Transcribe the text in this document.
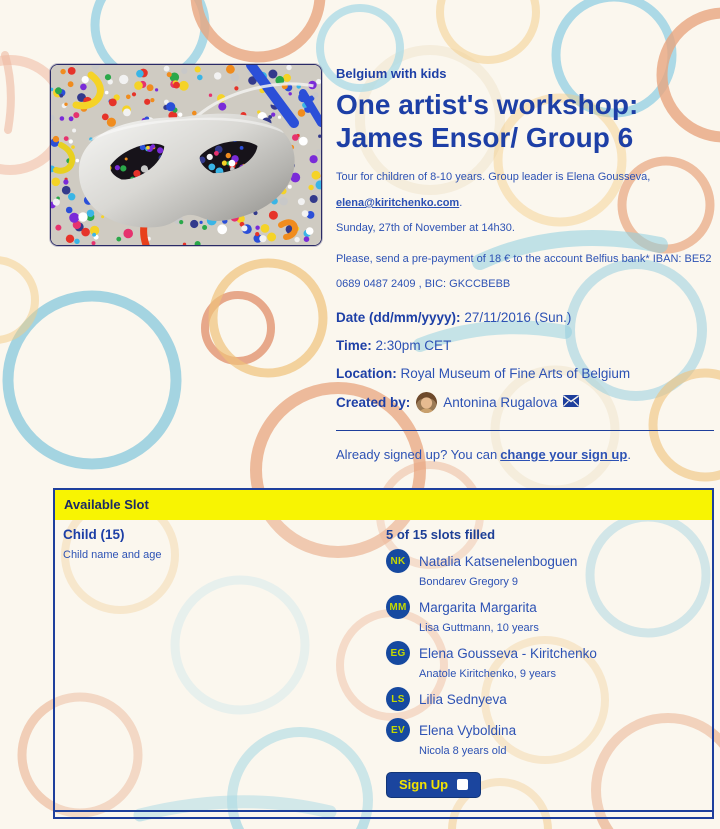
Belgium with kids
One artist's workshop: James Ensor/ Group 6
Tour for children of 8-10 years. Group leader is Elena Gousseva, elena@kiritchenko.com.
Sunday, 27th of November at 14h30.
Please, send a pre-payment of 18 € to the account Belfius bank* IBAN: BE52 0689 0487 2409 , BIC: GKCCBEBB
Date (dd/mm/yyyy): 27/11/2016 (Sun.)
Time: 2:30pm CET
Location: Royal Museum of Fine Arts of Belgium
Created by: Antonina Rugalova
Already signed up? You can change your sign up.
Available Slot
Child (15)
Child name and age
5 of 15 slots filled
NK Natalia Katsenelenboguen
Bondarev Gregory 9
MM Margarita Margarita
Lisa Guttmann, 10 years
EG Elena Gousseva - Kiritchenko
Anatole Kiritchenko, 9 years
LS	Lilia Sednyeva
EV	Elena Vyboldina
Nicola 8 years old
Sign Up
